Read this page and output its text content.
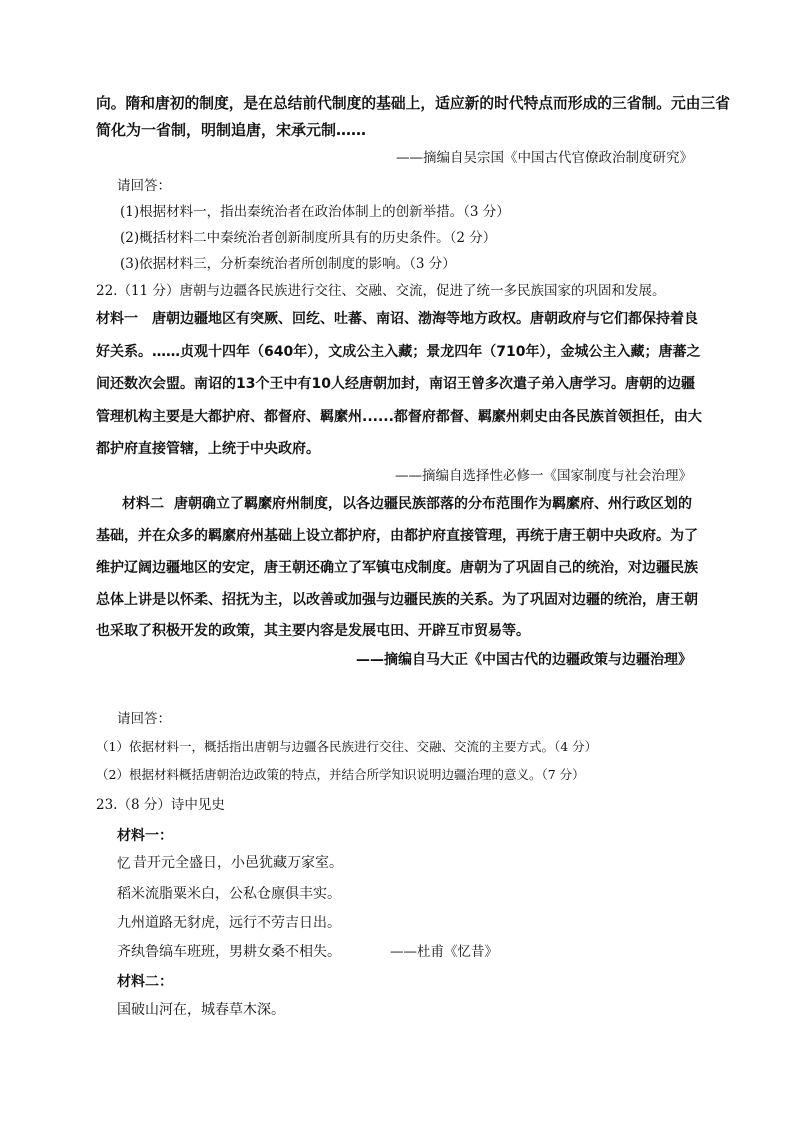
向。隋和唐初的制度，是在总结前代制度的基础上，适应新的时代特点而形成的三省制。元由三省
简化为一省制，明制追唐，宋承元制……
——摘编自吴宗国《中国古代官僚政治制度研究》
请回答：
(1)根据材料一，指出秦统治者在政治体制上的创新举措。（3 分）
(2)概括材料二中秦统治者创新制度所具有的历史条件。（2 分）
(3)依据材料三，分析秦统治者所创制度的影响。（3 分）
22.（11 分）唐朝与边疆各民族进行交往、交融、交流，促进了统一多民族国家的巩固和发展。
材料一　唐朝边疆地区有突厥、回纥、吐蕃、南诏、渤海等地方政权。唐朝政府与它们都保持着良
好关系。……贞观十四年（640年），文成公主入藏；景龙四年（710年），金城公主入藏；唐蕃之
间还数次会盟。南诏的13个王中有10人经唐朝加封，南诏王曾多次遣子弟入唐学习。唐朝的边疆
管理机构主要是大都护府、都督府、羁縻州......都督府都督、羁縻州刺史由各民族首领担任，由大
都护府直接管辖，上统于中央政府。
——摘编自选择性必修一《国家制度与社会治理》
材料二 唐朝确立了羁縻府州制度，以各边疆民族部落的分布范围作为羁縻府、州行政区划的
基础，并在众多的羁縻府州基础上设立都护府，由都护府直接管理，再统于唐王朝中央政府。为了
维护辽阔边疆地区的安定，唐王朝还确立了军镇屯戍制度。唐朝为了巩固自己的统治，对边疆民族
总体上讲是以怀柔、招抚为主，以改善或加强与边疆民族的关系。为了巩固对边疆的统治，唐王朝
也采取了积极开发的政策，其主要内容是发展屯田、开辟互市贸易等。
——摘编自马大正《中国古代的边疆政策与边疆治理》
请回答：
（1）依据材料一，概括指出唐朝与边疆各民族进行交往、交融、交流的主要方式。（4 分）
（2）根据材料概括唐朝治边政策的特点，并结合所学知识说明边疆治理的意义。（7 分）
23.（8 分）诗中见史
材料一：
忆 昔开元全盛日，小邑犹藏万家室。
稻米流脂粟米白，公私仓廪俱丰实。
九州道路无豺虎，远行不劳吉日出。
齐纨鲁缟车班班，男耕女桑不相失。	——杜甫《忆昔》
材料二：
国破山河在，城春草木深。
